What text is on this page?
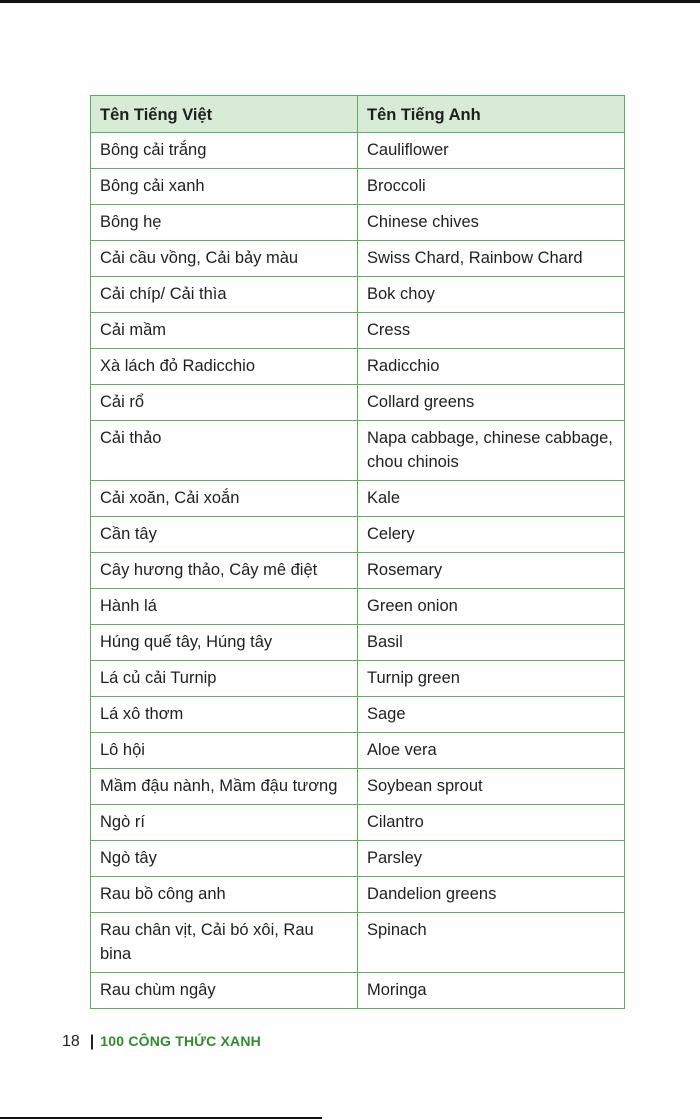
Tên Tiếng Việt	Tên Tiếng Anh
Bông cải trắng	Cauliflower
Bông cải xanh	Broccoli
Bông hẹ	Chinese chives
Cải cầu vồng, Cải bảy màu	Swiss Chard, Rainbow Chard
Cải chíp/ Cải thìa	Bok choy
Cải mầm	Cress
Xà lách đỏ Radicchio	Radicchio
Cải rổ	Collard greens
Cải thảo	Napa cabbage, chinese cabbage, chou chinois
Cải xoăn, Cải xoắn	Kale
Cần tây	Celery
Cây hương thảo, Cây mê điệt	Rosemary
Hành lá	Green onion
Húng quế tây, Húng tây	Basil
Lá củ cải Turnip	Turnip green
Lá xô thơm	Sage
Lô hội	Aloe vera
Mầm đậu nành, Mầm đậu tương	Soybean sprout
Ngò rí	Cilantro
Ngò tây	Parsley
Rau bồ công anh	Dandelion greens
Rau chân vịt, Cải bó xôi, Rau bina	Spinach
Rau chùm ngây	Moringa
18 | 100 CÔNG THỨC XANH
